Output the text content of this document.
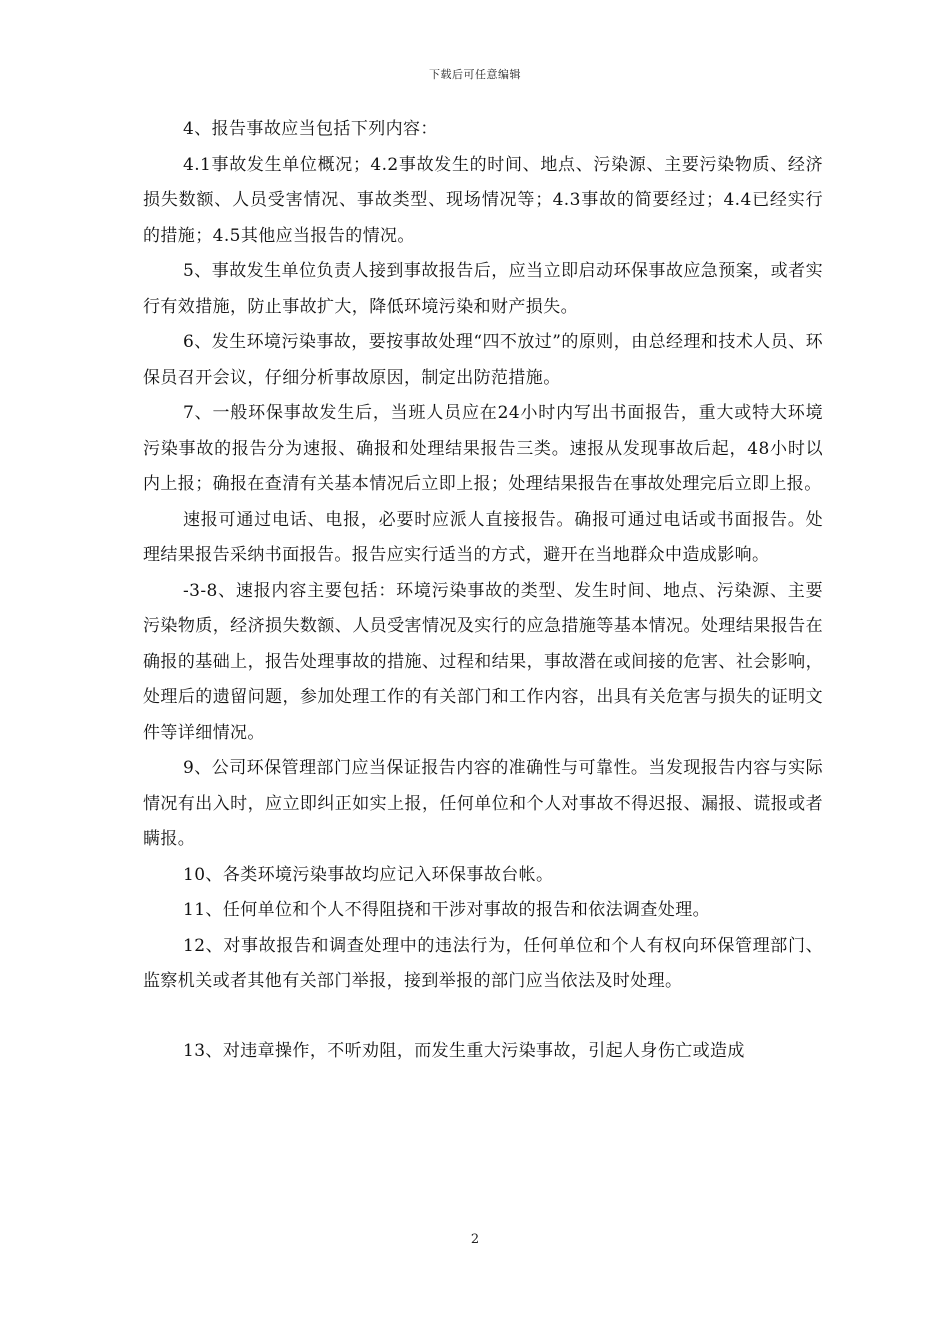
下载后可任意编辑

4、报告事故应当包括下列内容：

4.1事故发生单位概况；4.2事故发生的时间、地点、污染源、主要污染物质、经济损失数额、人员受害情况、事故类型、现场情况等；4.3事故的简要经过；4.4已经实行的措施；4.5其他应当报告的情况。

5、事故发生单位负责人接到事故报告后，应当立即启动环保事故应急预案，或者实行有效措施，防止事故扩大，降低环境污染和财产损失。

6、发生环境污染事故，要按事故处理“四不放过”的原则，由总经理和技术人员、环保员召开会议，仔细分析事故原因，制定出防范措施。

7、一般环保事故发生后，当班人员应在24小时内写出书面报告，重大或特大环境污染事故的报告分为速报、确报和处理结果报告三类。速报从发现事故后起，48小时以内上报；确报在查清有关基本情况后立即上报；处理结果报告在事故处理完后立即上报。

速报可通过电话、电报，必要时应派人直接报告。确报可通过电话或书面报告。处理结果报告采纳书面报告。报告应实行适当的方式，避开在当地群众中造成影响。

-3-8、速报内容主要包括：环境污染事故的类型、发生时间、地点、污染源、主要污染物质，经济损失数额、人员受害情况及实行的应急措施等基本情况。处理结果报告在确报的基础上，报告处理事故的措施、过程和结果，事故潜在或间接的危害、社会影响，处理后的遗留问题，参加处理工作的有关部门和工作内容，出具有关危害与损失的证明文件等详细情况。

9、公司环保管理部门应当保证报告内容的准确性与可靠性。当发现报告内容与实际情况有出入时，应立即纠正如实上报，任何单位和个人对事故不得迟报、漏报、谎报或者瞒报。

10、各类环境污染事故均应记入环保事故台帐。

11、任何单位和个人不得阻挠和干涉对事故的报告和依法调查处理。

12、对事故报告和调查处理中的违法行为，任何单位和个人有权向环保管理部门、监察机关或者其他有关部门举报，接到举报的部门应当依法及时处理。

13、对违章操作，不听劝阻，而发生重大污染事故，引起人身伤亡或造成

2
